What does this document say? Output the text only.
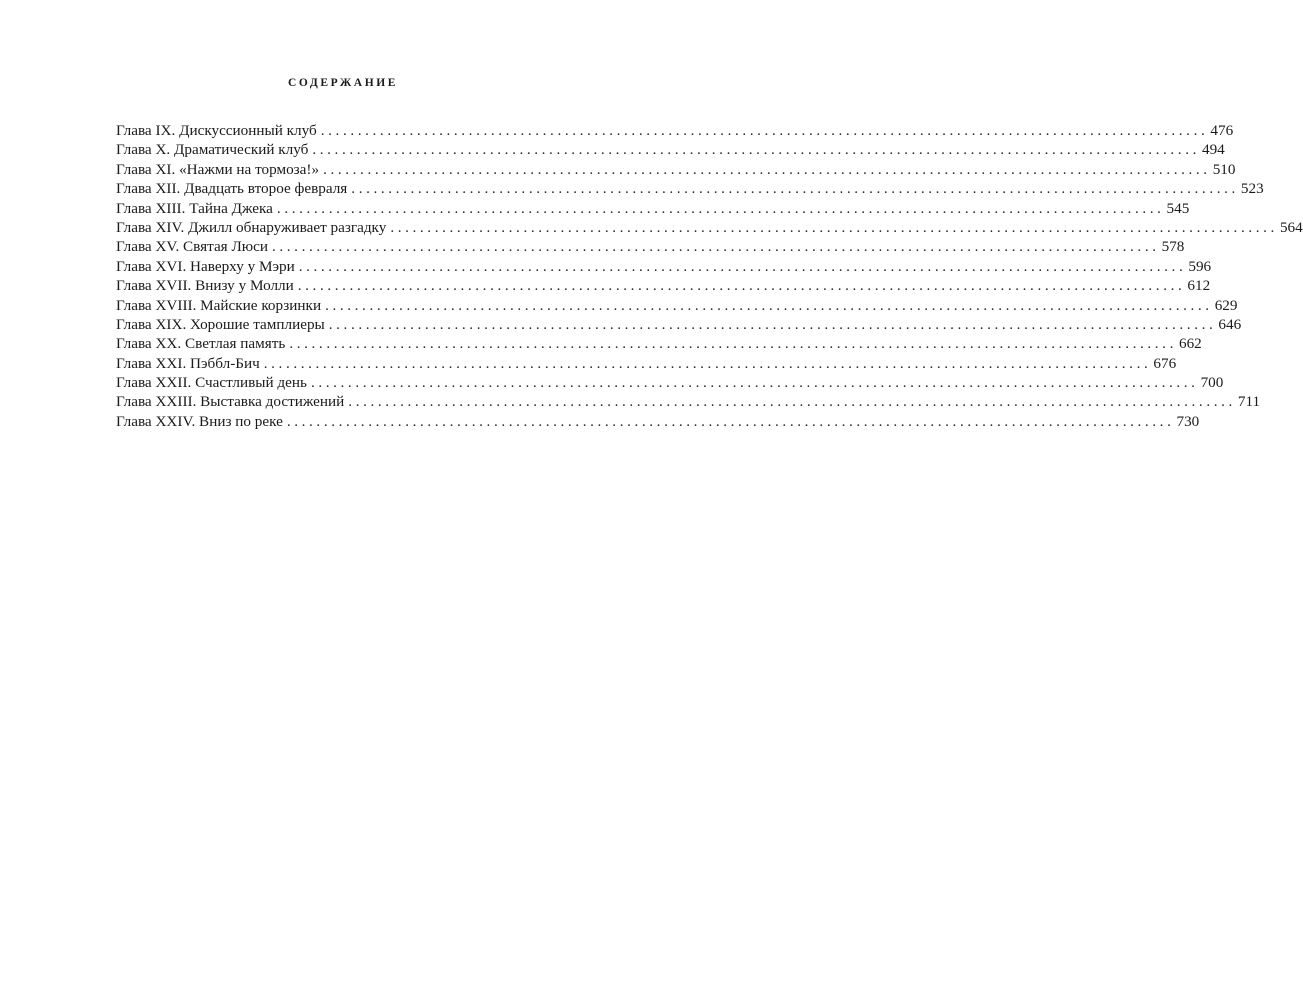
СОДЕРЖАНИЕ
Глава IX. Дискуссионный клуб ........................................................................................................................ 476
Глава X. Драматический клуб ........................................................................................................................ 494
Глава XI. «Нажми на тормоза!» ........................................................................................................................ 510
Глава XII. Двадцать второе февраля ........................................................................................................................ 523
Глава XIII. Тайна Джека ........................................................................................................................ 545
Глава XIV. Джилл обнаруживает разгадку ........................................................................................................................ 564
Глава XV. Святая Люси ........................................................................................................................ 578
Глава XVI. Наверху у Мэри ........................................................................................................................ 596
Глава XVII. Внизу у Молли ........................................................................................................................ 612
Глава XVIII. Майские корзинки ........................................................................................................................ 629
Глава XIX. Хорошие тамплиеры ........................................................................................................................ 646
Глава XX. Светлая память ........................................................................................................................ 662
Глава XXI. Пэббл-Бич ........................................................................................................................ 676
Глава XXII. Счастливый день ........................................................................................................................ 700
Глава XXIII. Выставка достижений ........................................................................................................................ 711
Глава XXIV. Вниз по реке ........................................................................................................................ 730
